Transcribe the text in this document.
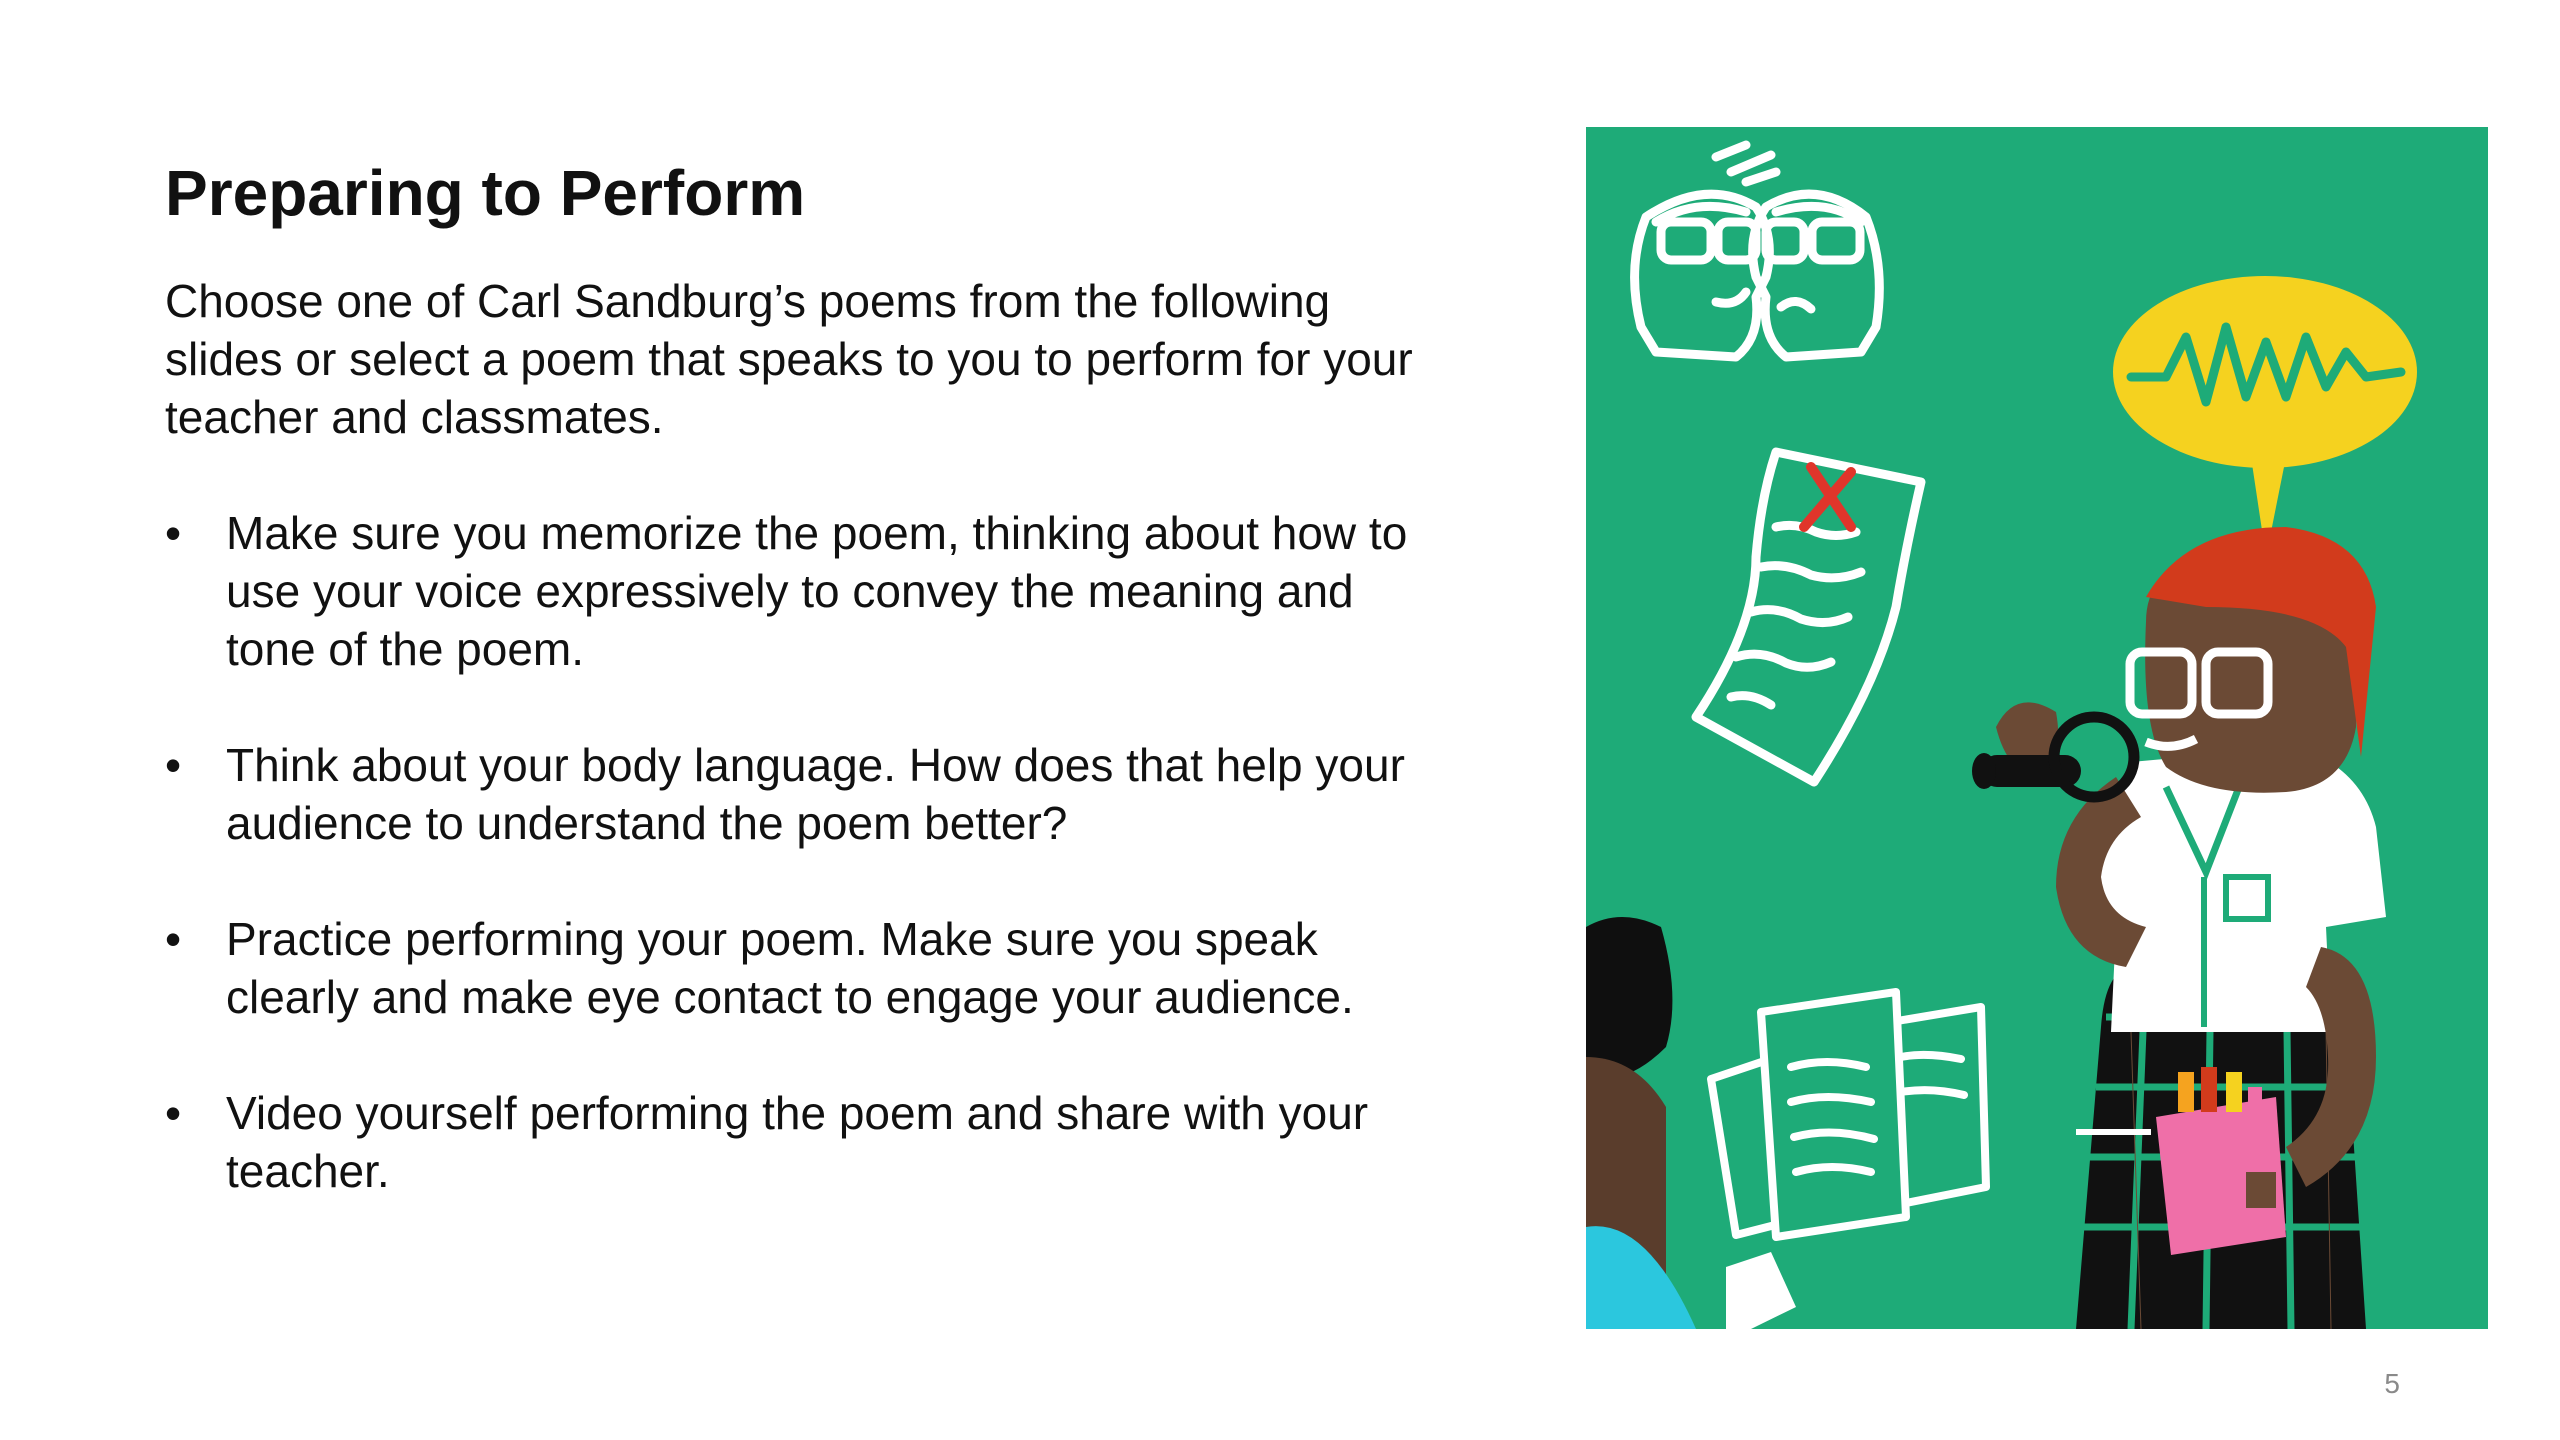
Preparing to Perform

Choose one of Carl Sandburg’s poems from the following slides or select a poem that speaks to you to perform for your teacher and classmates.

• Make sure you memorize the poem, thinking about how to use your voice expressively to convey the meaning and tone of the poem.
• Think about your body language. How does that help your audience to understand the poem better?
• Practice performing your poem. Make sure you speak clearly and make eye contact to engage your audience.
• Video yourself performing the poem and share with your teacher.
5
